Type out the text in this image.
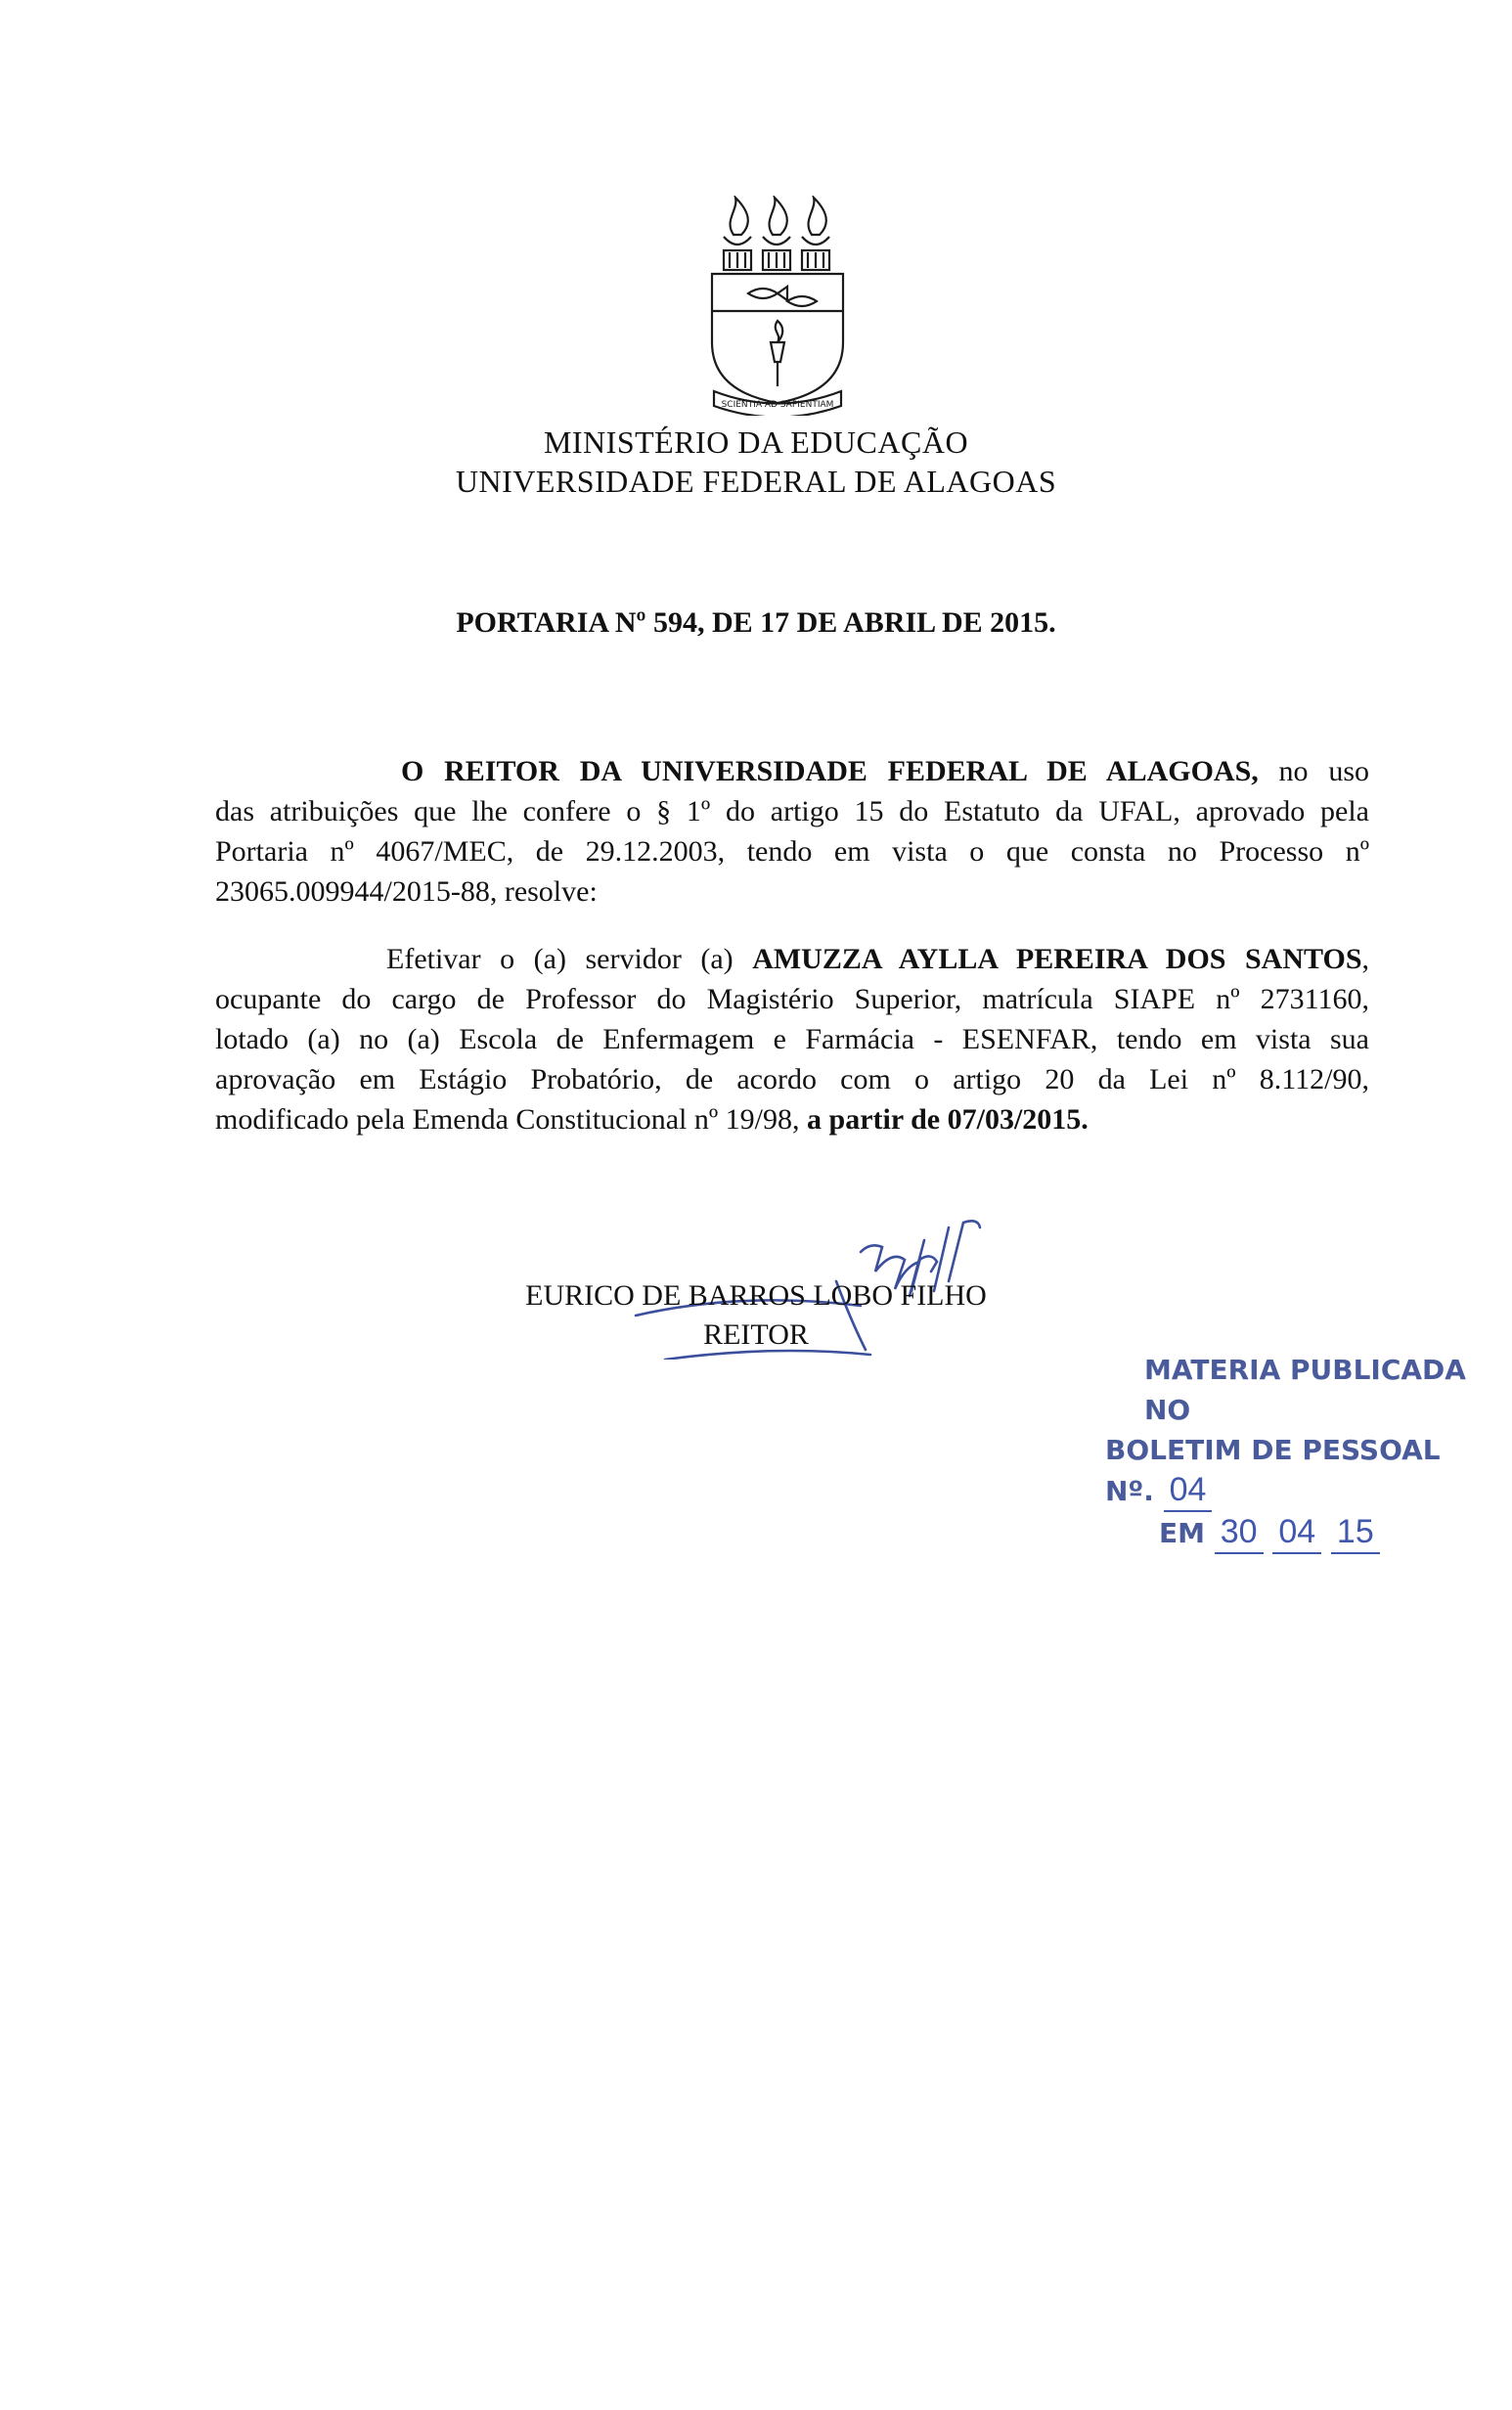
SCIENTIA AD SAPIENTIAM
MINISTÉRIO DA EDUCAÇÃO
UNIVERSIDADE FEDERAL DE ALAGOAS
PORTARIA Nº 594, DE 17 DE ABRIL DE 2015.
O REITOR DA UNIVERSIDADE FEDERAL DE ALAGOAS, no uso
das atribuições que lhe confere o § 1º do artigo 15 do Estatuto da UFAL, aprovado pela
Portaria nº 4067/MEC, de 29.12.2003, tendo em vista o que consta no Processo nº
23065.009944/2015-88, resolve:
Efetivar o (a) servidor (a) AMUZZA AYLLA PEREIRA DOS SANTOS,
ocupante do cargo de Professor do Magistério Superior, matrícula SIAPE nº 2731160,
lotado (a) no (a) Escola de Enfermagem e Farmácia - ESENFAR, tendo em vista sua
aprovação em Estágio Probatório, de acordo com o artigo 20 da Lei nº 8.112/90,
modificado pela Emenda Constitucional nº 19/98, a partir de 07/03/2015.
EURICO DE BARROS LOBO FILHO
REITOR
MATERIA PUBLICADA NO
BOLETIM DE PESSOAL Nº. 04
EM 30 04 15
